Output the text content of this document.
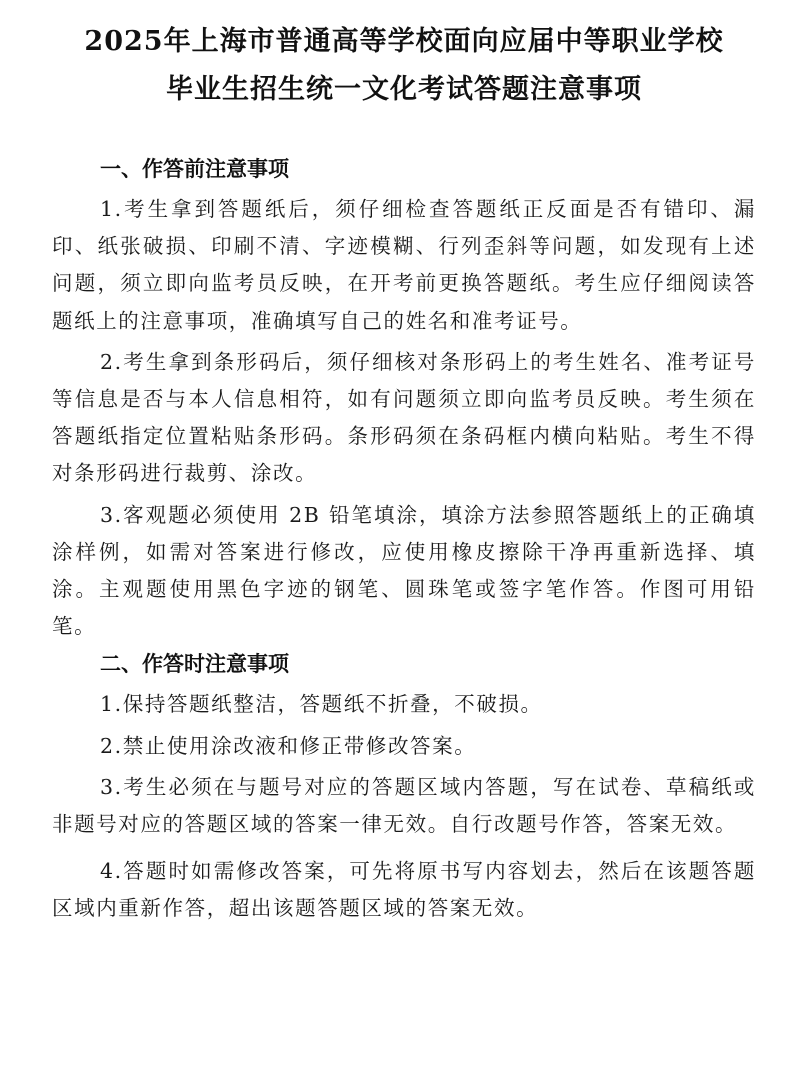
2025年上海市普通高等学校面向应届中等职业学校
毕业生招生统一文化考试答题注意事项

一、作答前注意事项

1.考生拿到答题纸后，须仔细检查答题纸正反面是否有错印、漏印、纸张破损、印刷不清、字迹模糊、行列歪斜等问题，如发现有上述问题，须立即向监考员反映，在开考前更换答题纸。考生应仔细阅读答题纸上的注意事项，准确填写自己的姓名和准考证号。

2.考生拿到条形码后，须仔细核对条形码上的考生姓名、准考证号等信息是否与本人信息相符，如有问题须立即向监考员反映。考生须在答题纸指定位置粘贴条形码。条形码须在条码框内横向粘贴。考生不得对条形码进行裁剪、涂改。

3.客观题必须使用 2B 铅笔填涂，填涂方法参照答题纸上的正确填涂样例，如需对答案进行修改，应使用橡皮擦除干净再重新选择、填涂。主观题使用黑色字迹的钢笔、圆珠笔或签字笔作答。作图可用铅笔。

二、作答时注意事项

1.保持答题纸整洁，答题纸不折叠，不破损。

2.禁止使用涂改液和修正带修改答案。

3.考生必须在与题号对应的答题区域内答题，写在试卷、草稿纸或非题号对应的答题区域的答案一律无效。自行改题号作答，答案无效。

4.答题时如需修改答案，可先将原书写内容划去，然后在该题答题区域内重新作答，超出该题答题区域的答案无效。
